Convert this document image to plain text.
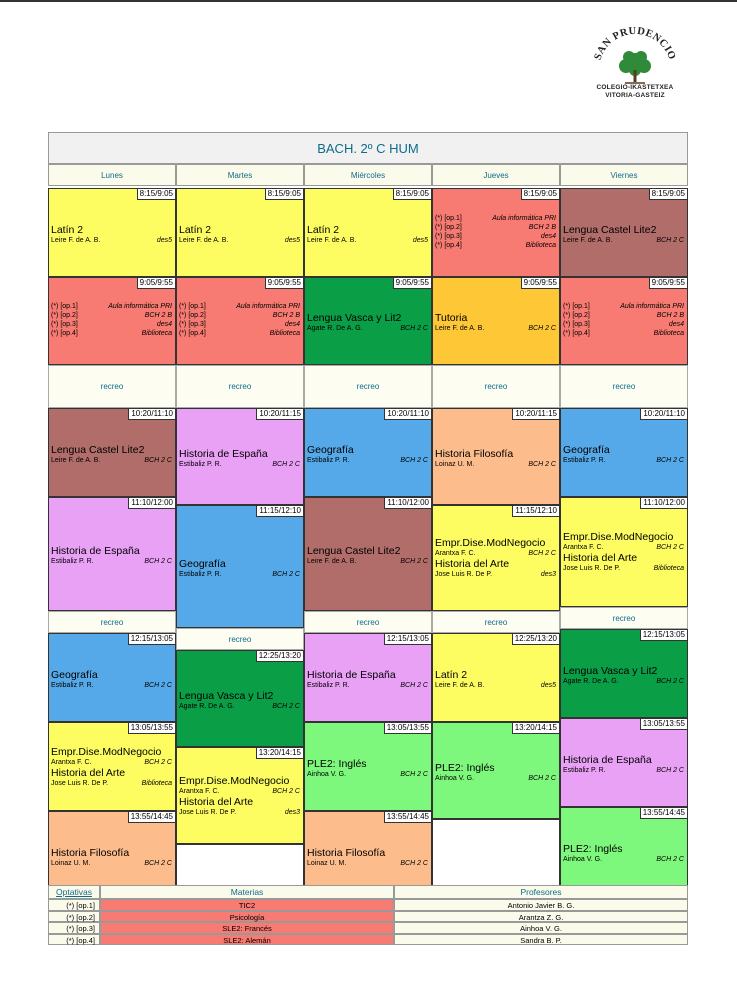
SAN PRUDENCIO
COLEGIO-IKASTETXEA
VITORIA-GASTEIZ
BACH. 2º C HUM
Lunes
8:15/9:05
Latín 2
Leire F. de A. B.	des5
9:05/9:55
(*) [op.1]	Aula informática PRI
(*) [op.2]	BCH 2 B
(*) [op.3]	des4
(*) [op.4]	Biblioteca
recreo
10:20/11:10
Lengua Castel Lite2
Leire F. de A. B.	BCH 2 C
11:10/12:00
Historia de España
Estibaliz P. R.	BCH 2 C
recreo
12:15/13:05
Geografía
Estibaliz P. R.	BCH 2 C
13:05/13:55
Empr.Dise.ModNegocio
Arantxa F. C.	BCH 2 C
Historia del Arte
Jose Luis R. De P.	Biblioteca
13:55/14:45
Historia Filosofía
Loinaz U. M.	BCH 2 C
Martes
8:15/9:05
Latín 2
Leire F. de A. B.	des5
9:05/9:55
(*) [op.1]	Aula informática PRI
(*) [op.2]	BCH 2 B
(*) [op.3]	des4
(*) [op.4]	Biblioteca
recreo
10:20/11:15
Historia de España
Estibaliz P. R.	BCH 2 C
11:15/12:10
Geografía
Estibaliz P. R.	BCH 2 C
recreo
12:25/13:20
Lengua Vasca y Lit2
Agate R. De A. G.	BCH 2 C
13:20/14:15
Empr.Dise.ModNegocio
Arantxa F. C.	BCH 2 C
Historia del Arte
Jose Luis R. De P.	des3
Miércoles
8:15/9:05
Latín 2
Leire F. de A. B.	des5
9:05/9:55
Lengua Vasca y Lit2
Agate R. De A. G.	BCH 2 C
recreo
10:20/11:10
Geografía
Estibaliz P. R.	BCH 2 C
11:10/12:00
Lengua Castel Lite2
Leire F. de A. B.	BCH 2 C
recreo
12:15/13:05
Historia de España
Estibaliz P. R.	BCH 2 C
13:05/13:55
PLE2: Inglés
Ainhoa V. G.	BCH 2 C
13:55/14:45
Historia Filosofía
Loinaz U. M.	BCH 2 C
Jueves
8:15/9:05
(*) [op.1]	Aula informática PRI
(*) [op.2]	BCH 2 B
(*) [op.3]	des4
(*) [op.4]	Biblioteca
9:05/9:55
Tutoria
Leire F. de A. B.	BCH 2 C
recreo
10:20/11:15
Historia Filosofía
Loinaz U. M.	BCH 2 C
11:15/12:10
Empr.Dise.ModNegocio
Arantxa F. C.	BCH 2 C
Historia del Arte
Jose Luis R. De P.	des3
recreo
12:25/13:20
Latín 2
Leire F. de A. B.	des5
13:20/14:15
PLE2: Inglés
Ainhoa V. G.	BCH 2 C
Viernes
8:15/9:05
Lengua Castel Lite2
Leire F. de A. B.	BCH 2 C
9:05/9:55
(*) [op.1]	Aula informática PRI
(*) [op.2]	BCH 2 B
(*) [op.3]	des4
(*) [op.4]	Biblioteca
recreo
10:20/11:10
Geografía
Estibaliz P. R.	BCH 2 C
11:10/12:00
Empr.Dise.ModNegocio
Arantxa F. C.	BCH 2 C
Historia del Arte
Jose Luis R. De P.	Biblioteca
recreo
12:15/13:05
Lengua Vasca y Lit2
Agate R. De A. G.	BCH 2 C
13:05/13:55
Historia de España
Estibaliz P. R.	BCH 2 C
13:55/14:45
PLE2: Inglés
Ainhoa V. G.	BCH 2 C
Optativas	Materias	Profesores
(*) [op.1]	TIC2	Antonio Javier B. G.
(*) [op.2]	Psicología	Arantza Z. G.
(*) [op.3]	SLE2: Francés	Ainhoa V. G.
(*) [op.4]	SLE2: Alemán	Sandra B. P.
